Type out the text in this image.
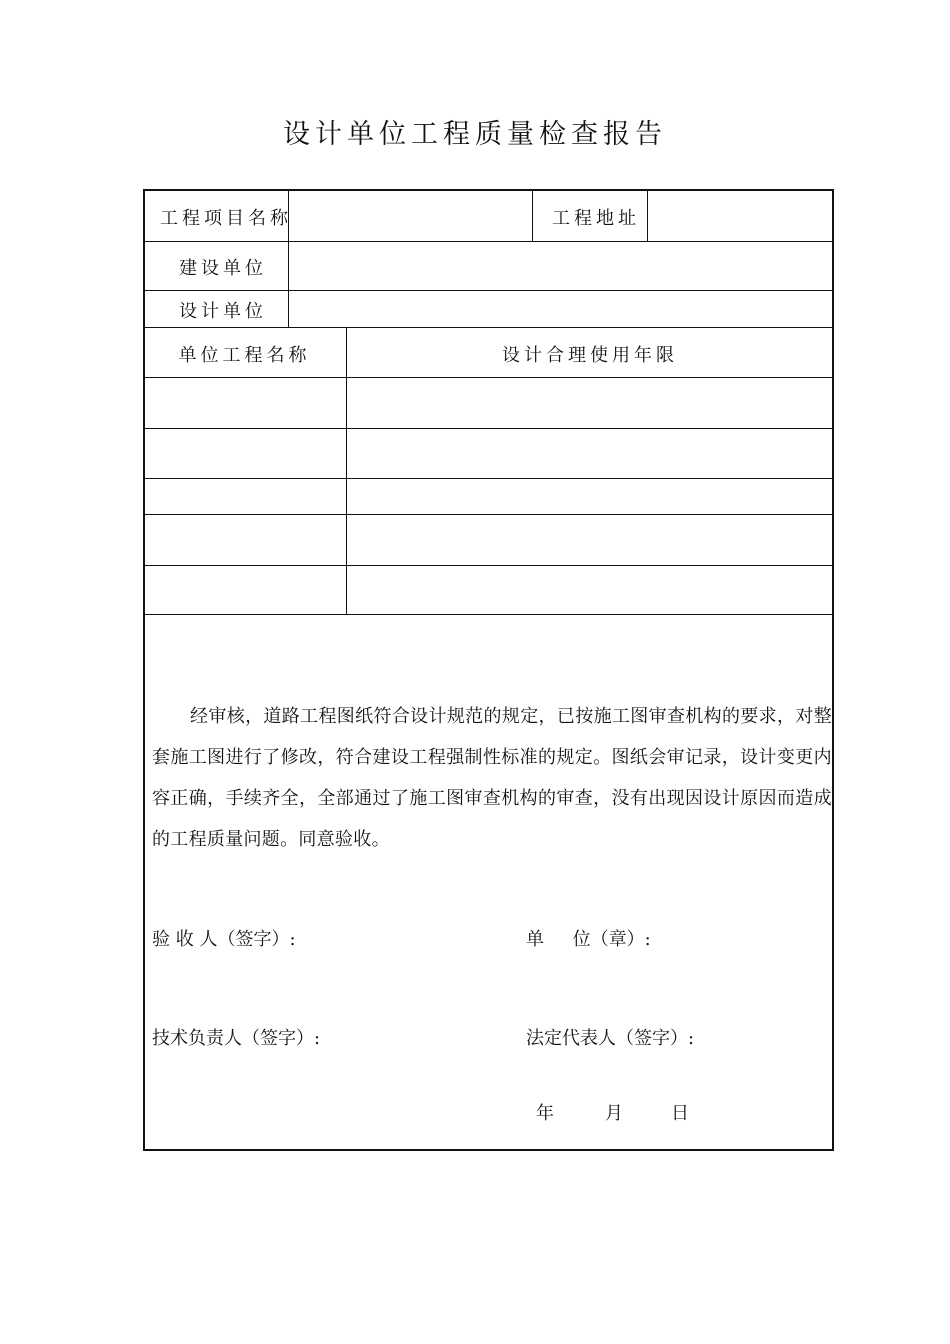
设计单位工程质量检查报告
工程项目名称	工程地址
建设单位
设计单位
单位工程名称	设计合理使用年限
经审核，道路工程图纸符合设计规范的规定，已按施工图审查机构的要求，对整套施工图进行了修改，符合建设工程强制性标准的规定。图纸会审记录，设计变更内容正确，手续齐全，全部通过了施工图审查机构的审查，没有出现因设计原因而造成的工程质量问题。同意验收。
验 收 人（签字）:	单     位（章）:
技术负责人（签字）:	法定代表人（签字）:
年	月	日
